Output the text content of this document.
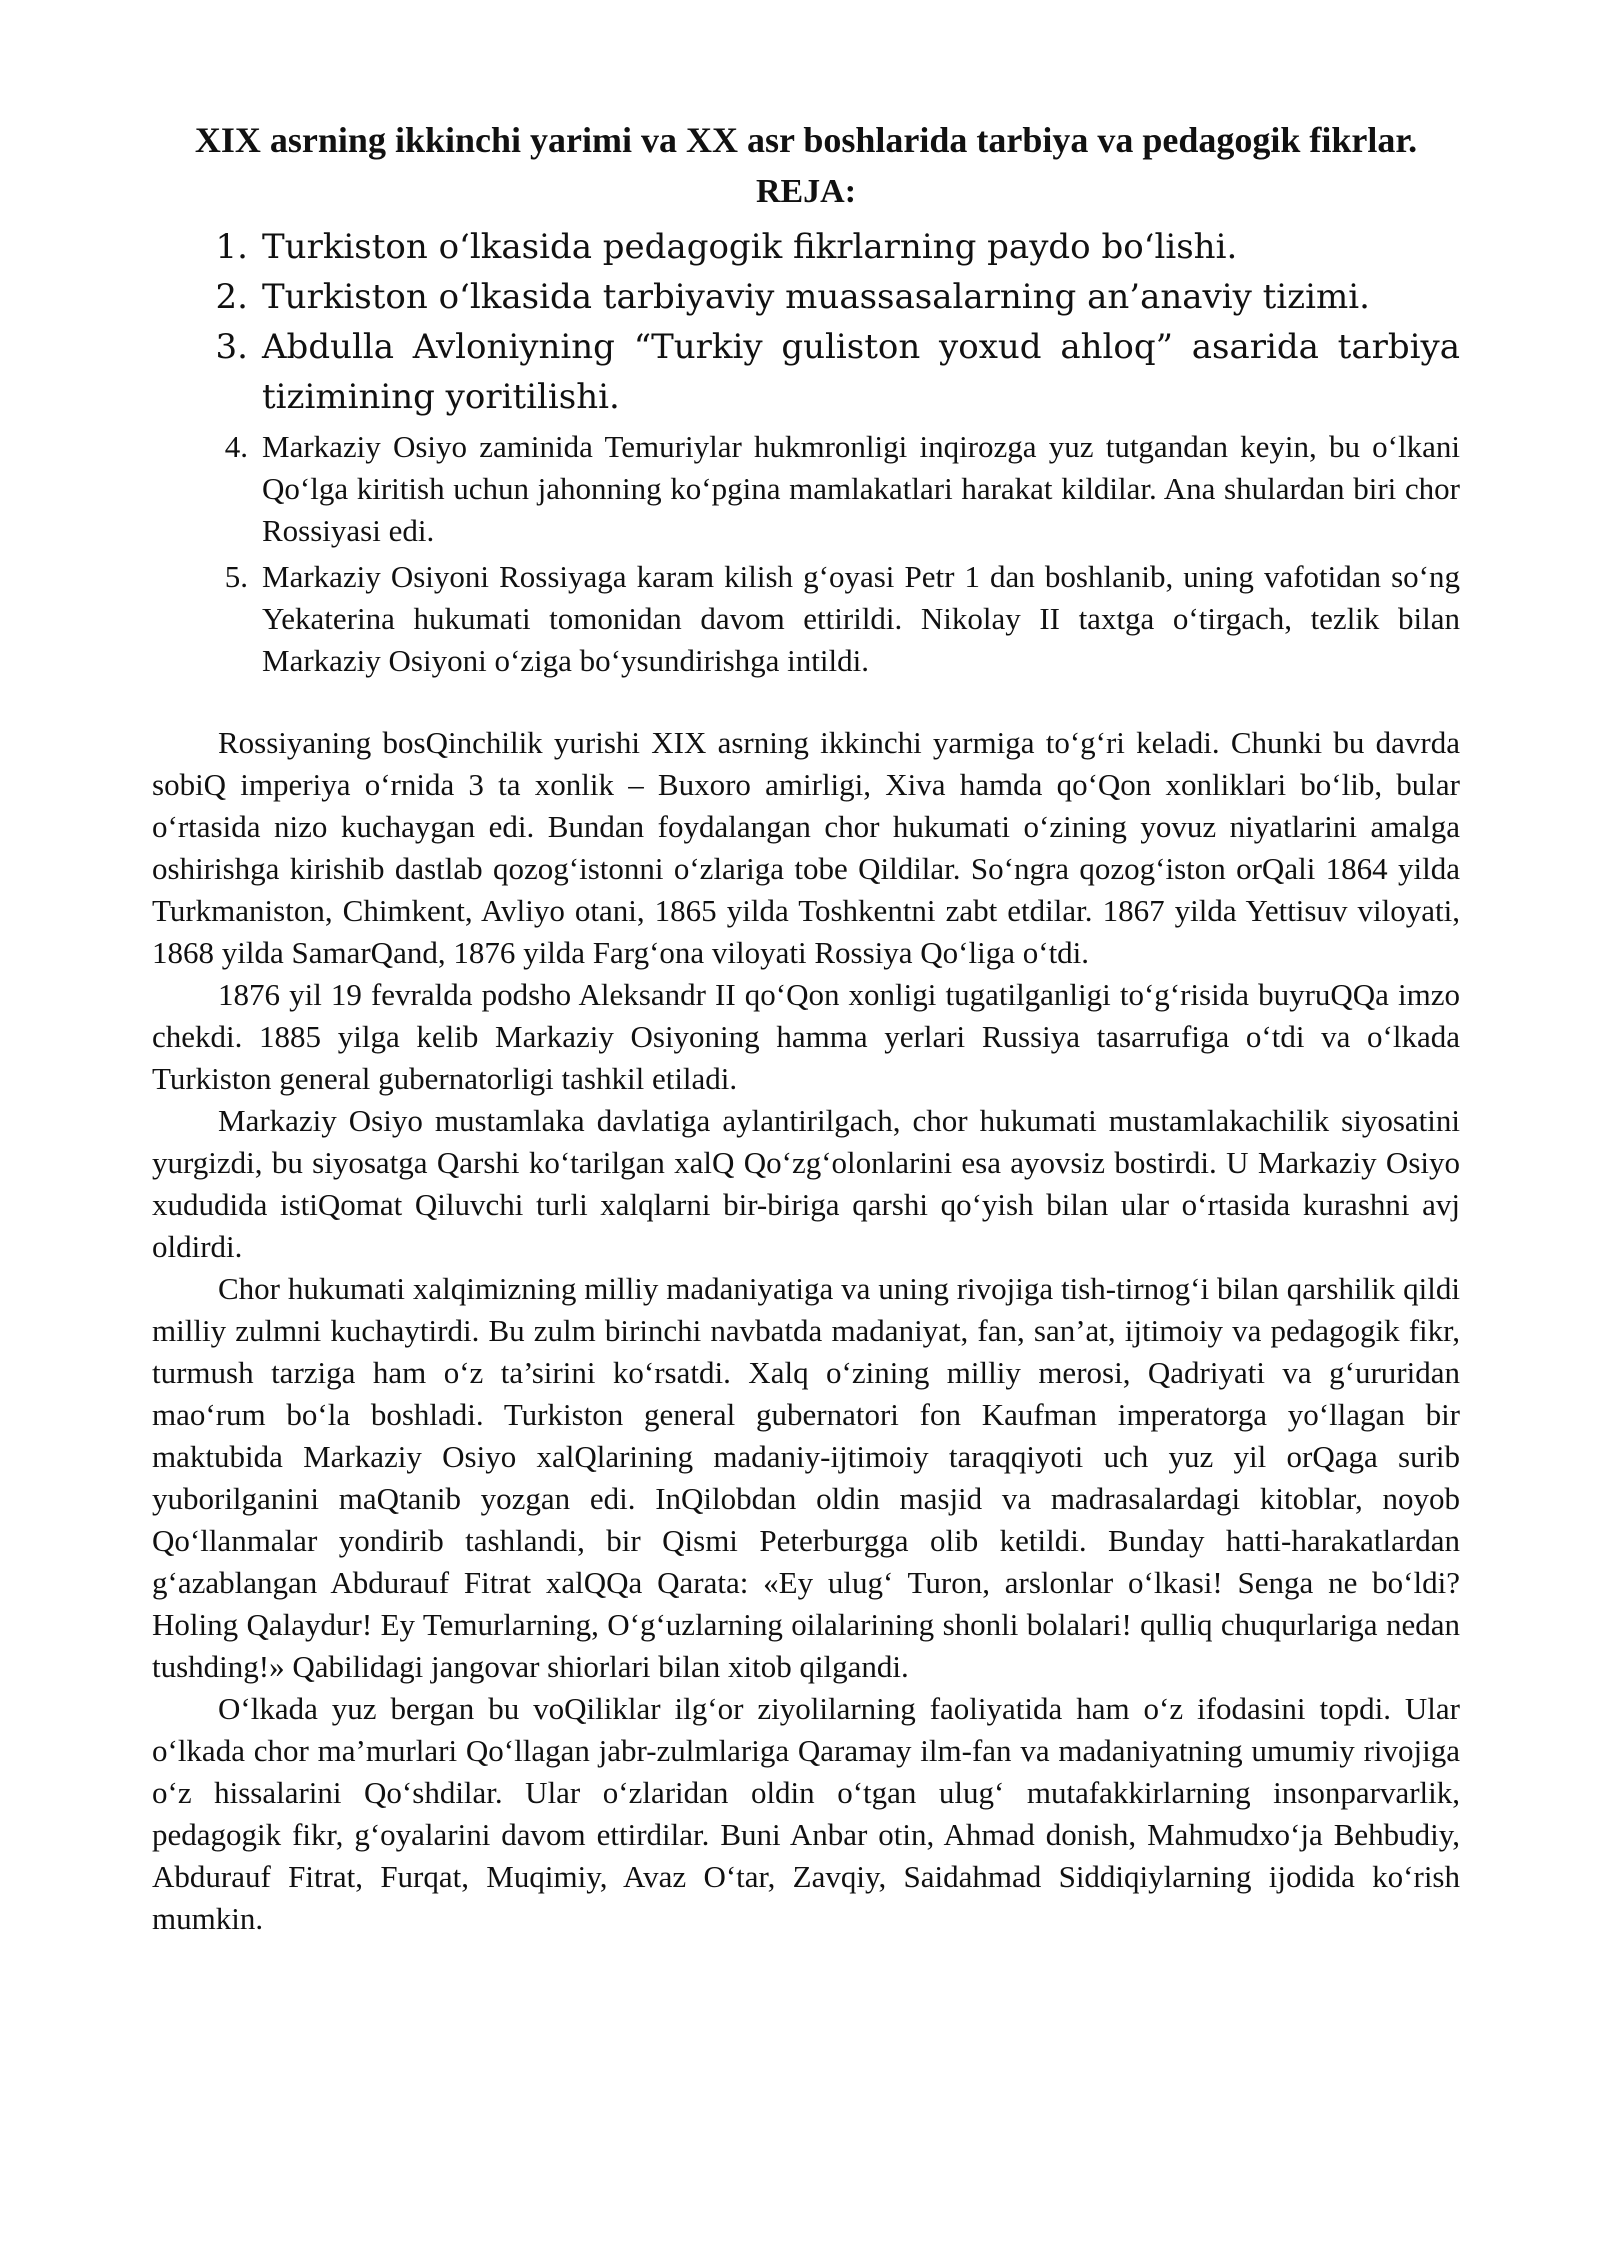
XIX asrning ikkinchi yarimi va XX asr boshlarida tarbiya va pedagogik fikrlar.
REJA:
1. Turkiston o‘lkasida pedagogik fikrlarning paydo bo‘lishi.
2. Turkiston o‘lkasida tarbiyaviy muassasalarning an’anaviy tizimi.
3. Abdulla Avloniyning “Turkiy guliston yoxud ahloq” asarida tarbiya tizimining yoritilishi.
4. Markaziy Osiyo zaminida Temuriylar hukmronligi inqirozga yuz tutgandan keyin, bu o‘lkani Qo‘lga kiritish uchun jahonning ko‘pgina mamlakatlari harakat kildilar. Ana shulardan biri chor Rossiyasi edi.
5. Markaziy Osiyoni Rossiyaga karam kilish g‘oyasi Petr 1 dan boshlanib, uning vafotidan so‘ng Yekaterina hukumati tomonidan davom ettirildi. Nikolay II taxtga o‘tirgach, tezlik bilan Markaziy Osiyoni o‘ziga bo‘ysundirishga intildi.

Rossiyaning bosQinchilik yurishi XIX asrning ikkinchi yarmiga to‘g‘ri keladi. Chunki bu davrda sobiQ imperiya o‘rnida 3 ta xonlik – Buxoro amirligi, Xiva hamda qo‘Qon xonliklari bo‘lib, bular o‘rtasida nizo kuchaygan edi. Bundan foydalangan chor hukumati o‘zining yovuz niyatlarini amalga oshirishga kirishib dastlab qozog‘istonni o‘zlariga tobe Qildilar. So‘ngra qozog‘iston orQali 1864 yilda Turkmaniston, Chimkent, Avliyo otani, 1865 yilda Toshkentni zabt etdilar. 1867 yilda Yettisuv viloyati, 1868 yilda SamarQand, 1876 yilda Farg‘ona viloyati Rossiya Qo‘liga o‘tdi.

1876 yil 19 fevralda podsho Aleksandr II qo‘Qon xonligi tugatilganligi to‘g‘risida buyruQQa imzo chekdi. 1885 yilga kelib Markaziy Osiyoning hamma yerlari Russiya tasarrufiga o‘tdi va o‘lkada Turkiston general gubernatorligi tashkil etiladi.

Markaziy Osiyo mustamlaka davlatiga aylantirilgach, chor hukumati mustamlakachilik siyosatini yurgizdi, bu siyosatga Qarshi ko‘tarilgan xalQ Qo‘zg‘olonlarini esa ayovsiz bostirdi. U Markaziy Osiyo xududida istiQomat Qiluvchi turli xalqlarni bir-biriga qarshi qo‘yish bilan ular o‘rtasida kurashni avj oldirdi.

Chor hukumati xalqimizning milliy madaniyatiga va uning rivojiga tish-tirnog‘i bilan qarshilik qildi milliy zulmni kuchaytirdi. Bu zulm birinchi navbatda madaniyat, fan, san’at, ijtimoiy va pedagogik fikr, turmush tarziga ham o‘z ta’sirini ko‘rsatdi. Xalq o‘zining milliy merosi, Qadriyati va g‘ururidan mao‘rum bo‘la boshladi. Turkiston general gubernatori fon Kaufman imperatorga yo‘llagan bir maktubida Markaziy Osiyo xalQlarining madaniy-ijtimoiy taraqqiyoti uch yuz yil orQaga surib yuborilganini maQtanib yozgan edi. InQilobdan oldin masjid va madrasalardagi kitoblar, noyob Qo‘llanmalar yondirib tashlandi, bir Qismi Peterburgga olib ketildi. Bunday hatti-harakatlardan g‘azablangan Abdurauf Fitrat xalQQa Qarata: «Ey ulug‘ Turon, arslonlar o‘lkasi! Senga ne bo‘ldi? Holing Qalaydur! Ey Temurlarning, O‘g‘uzlarning oilalarining shonli bolalari! qulliq chuqurlariga nedan tushding!» Qabilidagi jangovar shiorlari bilan xitob qilgandi.

O‘lkada yuz bergan bu voQiliklar ilg‘or ziyolilarning faoliyatida ham o‘z ifodasini topdi. Ular o‘lkada chor ma’murlari Qo‘llagan jabr-zulmlariga Qaramay ilm-fan va madaniyatning umumiy rivojiga o‘z hissalarini Qo‘shdilar. Ular o‘zlaridan oldin o‘tgan ulug‘ mutafakkirlarning insonparvarlik, pedagogik fikr, g‘oyalarini davom ettirdilar. Buni Anbar otin, Ahmad donish, Mahmudxo‘ja Behbudiy, Abdurauf Fitrat, Furqat, Muqimiy, Avaz O‘tar, Zavqiy, Saidahmad Siddiqiylarning ijodida ko‘rish mumkin.
